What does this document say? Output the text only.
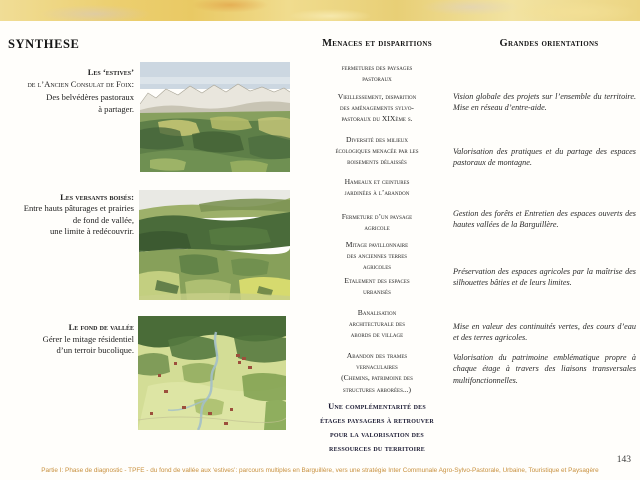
SYNTHESE	Menaces et disparitions	Grandes orientations
Les ‘estives’
de l’Ancien Consulat de Foix:
Des belvédères pastoraux
à partager.
Les versants boisés:
Entre hauts pâturages et prairies
de fond de vallée,
une limite à redécouvrir.
Le fond de vallée
Gérer le mitage résidentiel
d’un terroir bucolique.
fermetures des paysages
pastoraux
Vieillessement, disparition
des aménagements sylvo-
pastoraux du XIXème s.
Diversité des milieux
écologiques menacée par les
boisements délaissés
Hameaux et ceintures
jardinées à l’abandon
Fermeture d’un paysage
agricole
Mitage pavillonnaire
des anciennes terres
agricoles
Etalement des espaces
urbanisés
Banalisation
architecturale des
abords de village
Abandon des trames
vernaculaires
(Chemins, patrimoine des
structures arborées...)
Une complémentarité des
étages paysagers à retrouver
pour la valorisation des
ressources du territoire

Vision globale des projets sur l’ensemble du territoire. Mise en réseau d’entre-aide.

Valorisation des pratiques et du partage des espaces pastoraux de montagne.

Gestion des forêts et Entretien des espaces ouverts des hautes vallées de la Barguillère.

Préservation des espaces agricoles par la maîtrise des silhouettes bâties et de leurs limites.

Mise en valeur des continuités vertes, des cours d’eau et des terres agricoles.

Valorisation du patrimoine emblématique propre à chaque étage à travers des liaisons transversales multifonctionnelles.

143
Partie I: Phase de diagnostic - TPFE - du fond de vallée aux ‘estives’: parcours multiples en Barguillère, vers une stratégie Inter Communale Agro-Sylvo-Pastorale, Urbaine, Touristique et Paysagère
